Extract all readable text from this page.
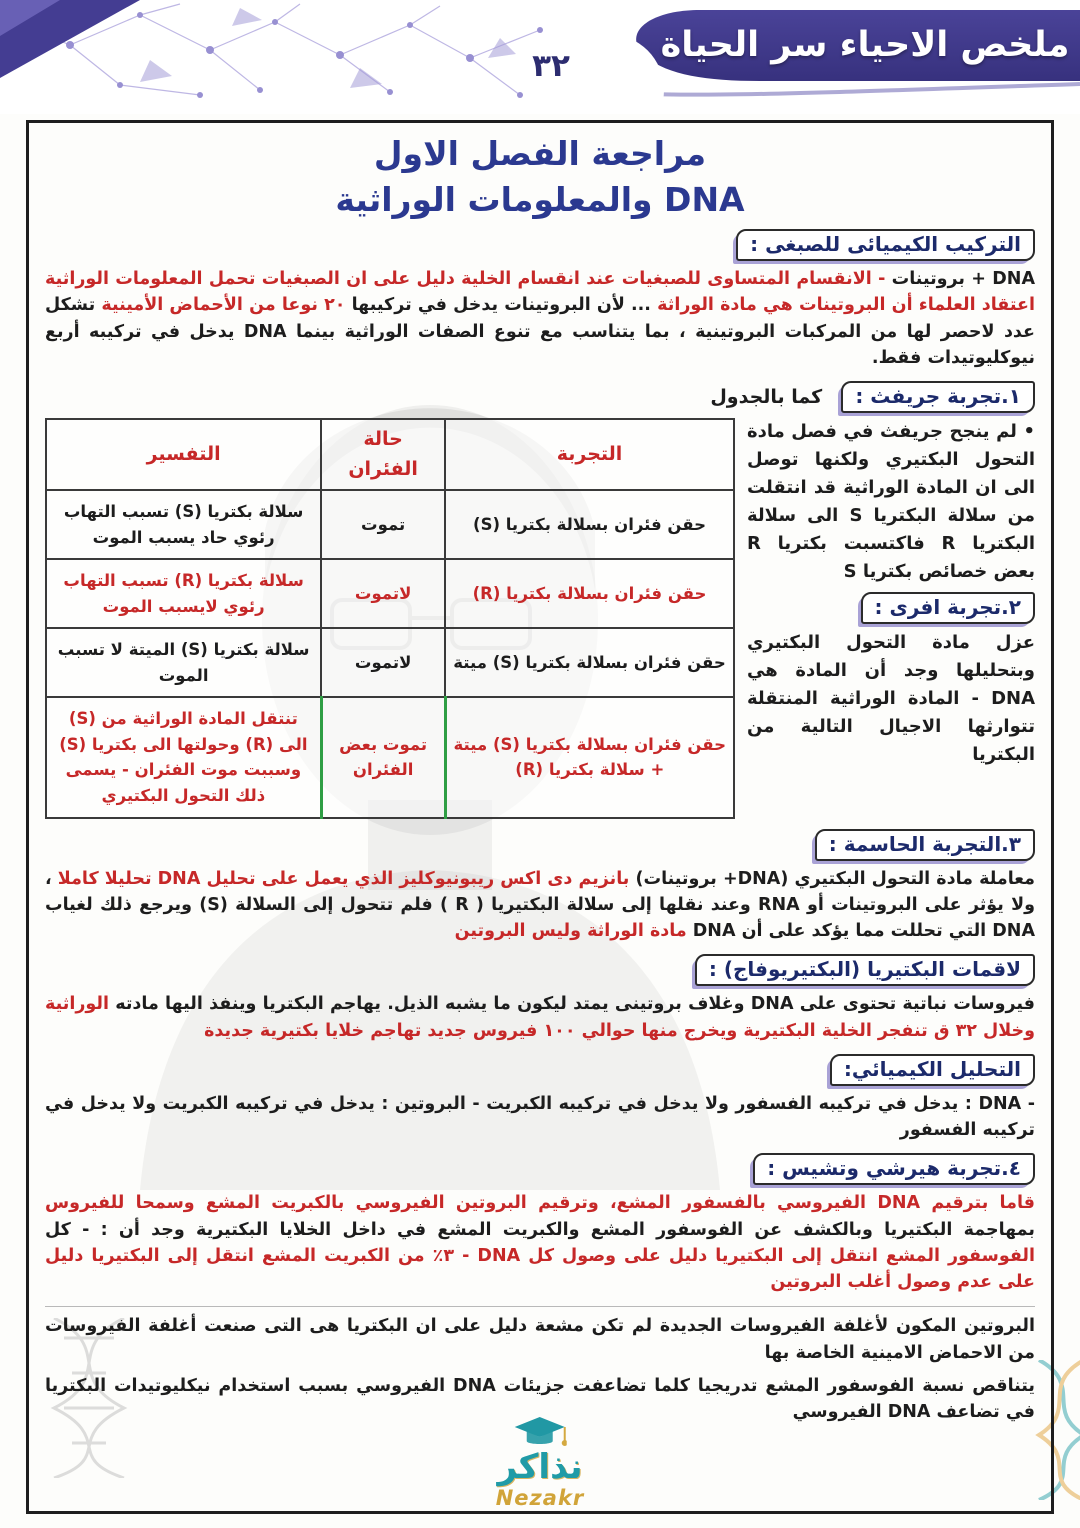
ملخص الاحياء سر الحياة
٣٢
مراجعة الفصل الاول
DNA والمعلومات الوراثية
التركيب الكيميائى للصبغى :

DNA + بروتينات - الانقسام المتساوى للصبغيات عند انقسام الخلية دليل على ان الصبغيات تحمل المعلومات الوراثية اعتقاد العلماء أن البروتينات هي مادة الوراثة ... لأن البروتينات يدخل في تركيبها ٢٠ نوعا من الأحماض الأمينية تشكل عدد لاحصر لها من المركبات البروتينية ، بما يتناسب مع تنوع الصفات الوراثية بينما DNA يدخل في تركيبه أربع نيوكليوتيدات فقط.

١.تجربة جريفث : كما بالجدول

• لم ينجح جريفث في فصل مادة التحول البكتيري ولكنها توصل الى ان المادة الوراثية قد انتقلت من سلالة البكتريا S الى سلالة البكتريا R فاكتسبت بكتريا R بعض خصائص بكتريا S

٢.تجربة افرى :

عزل مادة التحول البكتيري وبتحليلها وجد أن المادة هي DNA - المادة الوراثية المنتقلة تتوارثها الاجيال التالية من البكتريا

التجربة	حالة الفئران	التفسير
حقن فئران بسلالة بكتريا (S)	تموت	سلالة بكتريا (S) تسبب التهاب رئوي حاد يسبب الموت
حقن فئران بسلالة بكتريا (R)	لاتموت	سلالة بكتريا (R) تسبب التهاب رئوي لايسبب الموت
حقن فئران بسلالة بكتريا (S) ميتة	لاتموت	سلالة بكتريا (S) الميتة لا تسبب الموت
حقن فئران بسلالة بكتريا (S) ميتة + سلالة بكتريا (R)	تموت بعض الفئران	تنتقل المادة الوراثية من (S) الى (R) وحولتها الى بكتريا (S) وسببت موت الفئران - يسمى ذلك التحول البكتيري
٣.التجربة الحاسمة :

معاملة مادة التحول البكتيري (DNA+ بروتينات) بانزيم دى اكس ريبونيوكليز الذي يعمل على تحليل DNA تحليلا كاملا ، ولا يؤثر على البروتينات أو RNA وعند نقلها إلى سلالة البكتيريا ( R ) فلم تتحول إلى السلالة (S) ويرجع ذلك لغياب DNA التي تحللت مما يؤكد على أن DNA مادة الوراثة وليس البروتين

لاقمات البكتيريا (البكتيريوفاج) :

فيروسات نباتية تحتوى على DNA وغلاف بروتينى يمتد ليكون ما يشبه الذيل. يهاجم البكتريا وينفذ اليها مادته الوراثية وخلال ٣٢ ق تنفجر الخلية البكتيرية ويخرج منها حوالي ١٠٠ فيروس جديد تهاجم خلايا بكتيرية جديدة

التحليل الكيميائي:

- DNA : يدخل في تركيبه الفسفور ولا يدخل في تركيبه الكبريت - البروتين : يدخل في تركيبه الكبريت ولا يدخل في تركيبه الفسفور

٤.تجربة هيرشي وتشيس :

قاما بترقيم DNA الفيروسي بالفسفور المشع، وترقيم البروتين الفيروسي بالكبريت المشع وسمحا للفيروس بمهاجمة البكتيريا وبالكشف عن الفوسفور المشع والكبريت المشع في داخل الخلايا البكتيرية وجد أن : - كل الفوسفور المشع انتقل إلى البكتيريا دليل على وصول كل DNA - ٣٪ من الكبريت المشع انتقل إلى البكتيريا دليل على عدم وصول أغلب البروتين

البروتين المكون لأغلفة الفيروسات الجديدة لم تكن مشعة دليل على ان البكتريا هى التى صنعت أغلفة الفيروسات من الاحماض الامينية الخاصة بها

يتناقص نسبة الفوسفور المشع تدريجيا كلما تضاعفت جزيئات DNA الفيروسي بسبب استخدام نيكليوتيدات البكتريا في تضاعف DNA الفيروسي

نذاكر
Nezakr
